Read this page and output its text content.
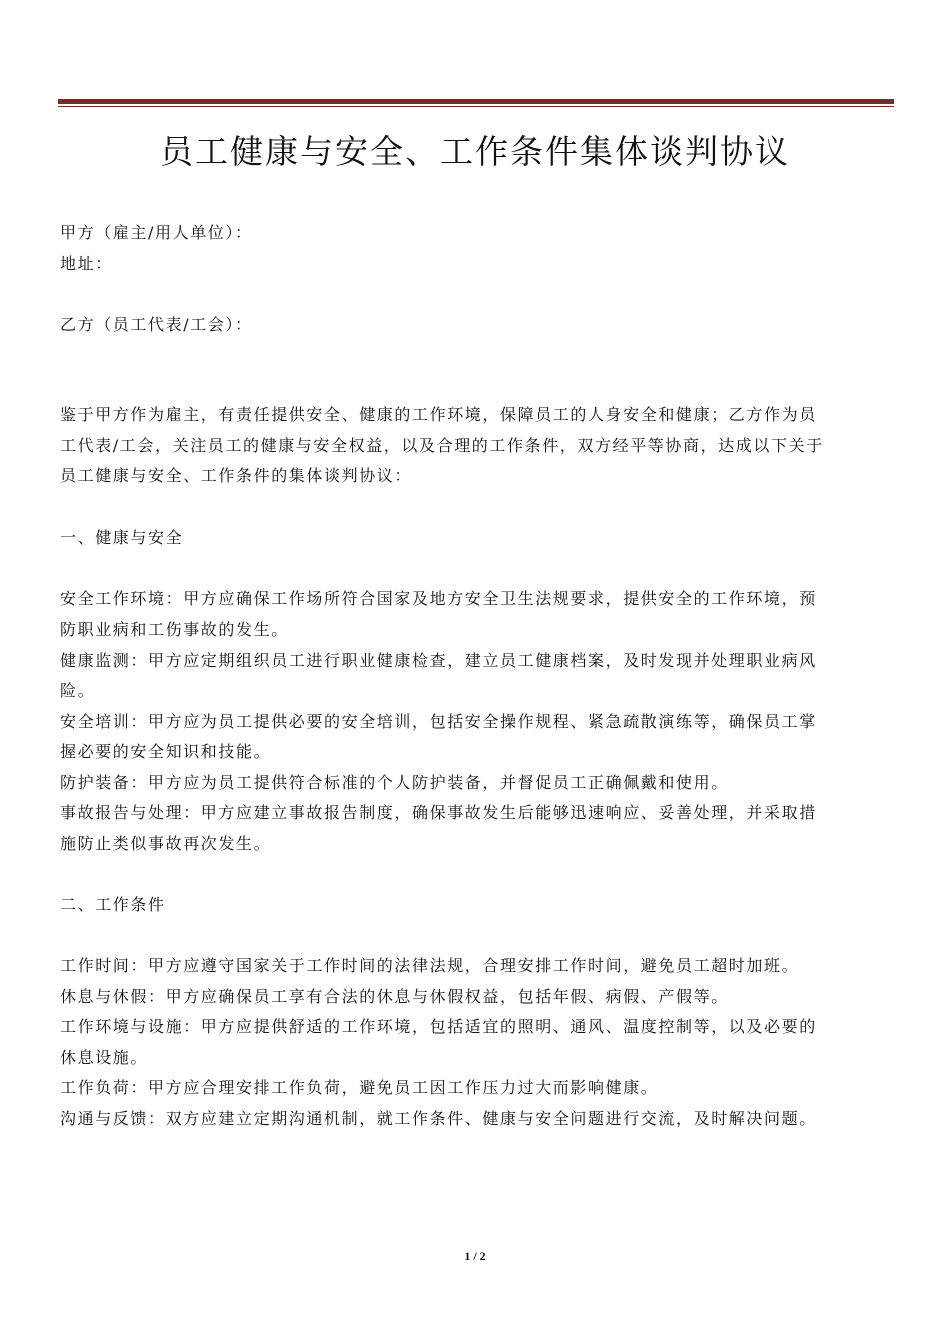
员工健康与安全、工作条件集体谈判协议
甲方（雇主/用人单位）：
地址：
乙方（员工代表/工会）：
鉴于甲方作为雇主，有责任提供安全、健康的工作环境，保障员工的人身安全和健康；乙方作为员
工代表/工会，关注员工的健康与安全权益，以及合理的工作条件，双方经平等协商，达成以下关于
员工健康与安全、工作条件的集体谈判协议：
一、健康与安全
安全工作环境：甲方应确保工作场所符合国家及地方安全卫生法规要求，提供安全的工作环境，预
防职业病和工伤事故的发生。
健康监测：甲方应定期组织员工进行职业健康检查，建立员工健康档案，及时发现并处理职业病风
险。
安全培训：甲方应为员工提供必要的安全培训，包括安全操作规程、紧急疏散演练等，确保员工掌
握必要的安全知识和技能。
防护装备：甲方应为员工提供符合标准的个人防护装备，并督促员工正确佩戴和使用。
事故报告与处理：甲方应建立事故报告制度，确保事故发生后能够迅速响应、妥善处理，并采取措
施防止类似事故再次发生。
二、工作条件
工作时间：甲方应遵守国家关于工作时间的法律法规，合理安排工作时间，避免员工超时加班。
休息与休假：甲方应确保员工享有合法的休息与休假权益，包括年假、病假、产假等。
工作环境与设施：甲方应提供舒适的工作环境，包括适宜的照明、通风、温度控制等，以及必要的
休息设施。
工作负荷：甲方应合理安排工作负荷，避免员工因工作压力过大而影响健康。
沟通与反馈：双方应建立定期沟通机制，就工作条件、健康与安全问题进行交流，及时解决问题。
1 / 2
